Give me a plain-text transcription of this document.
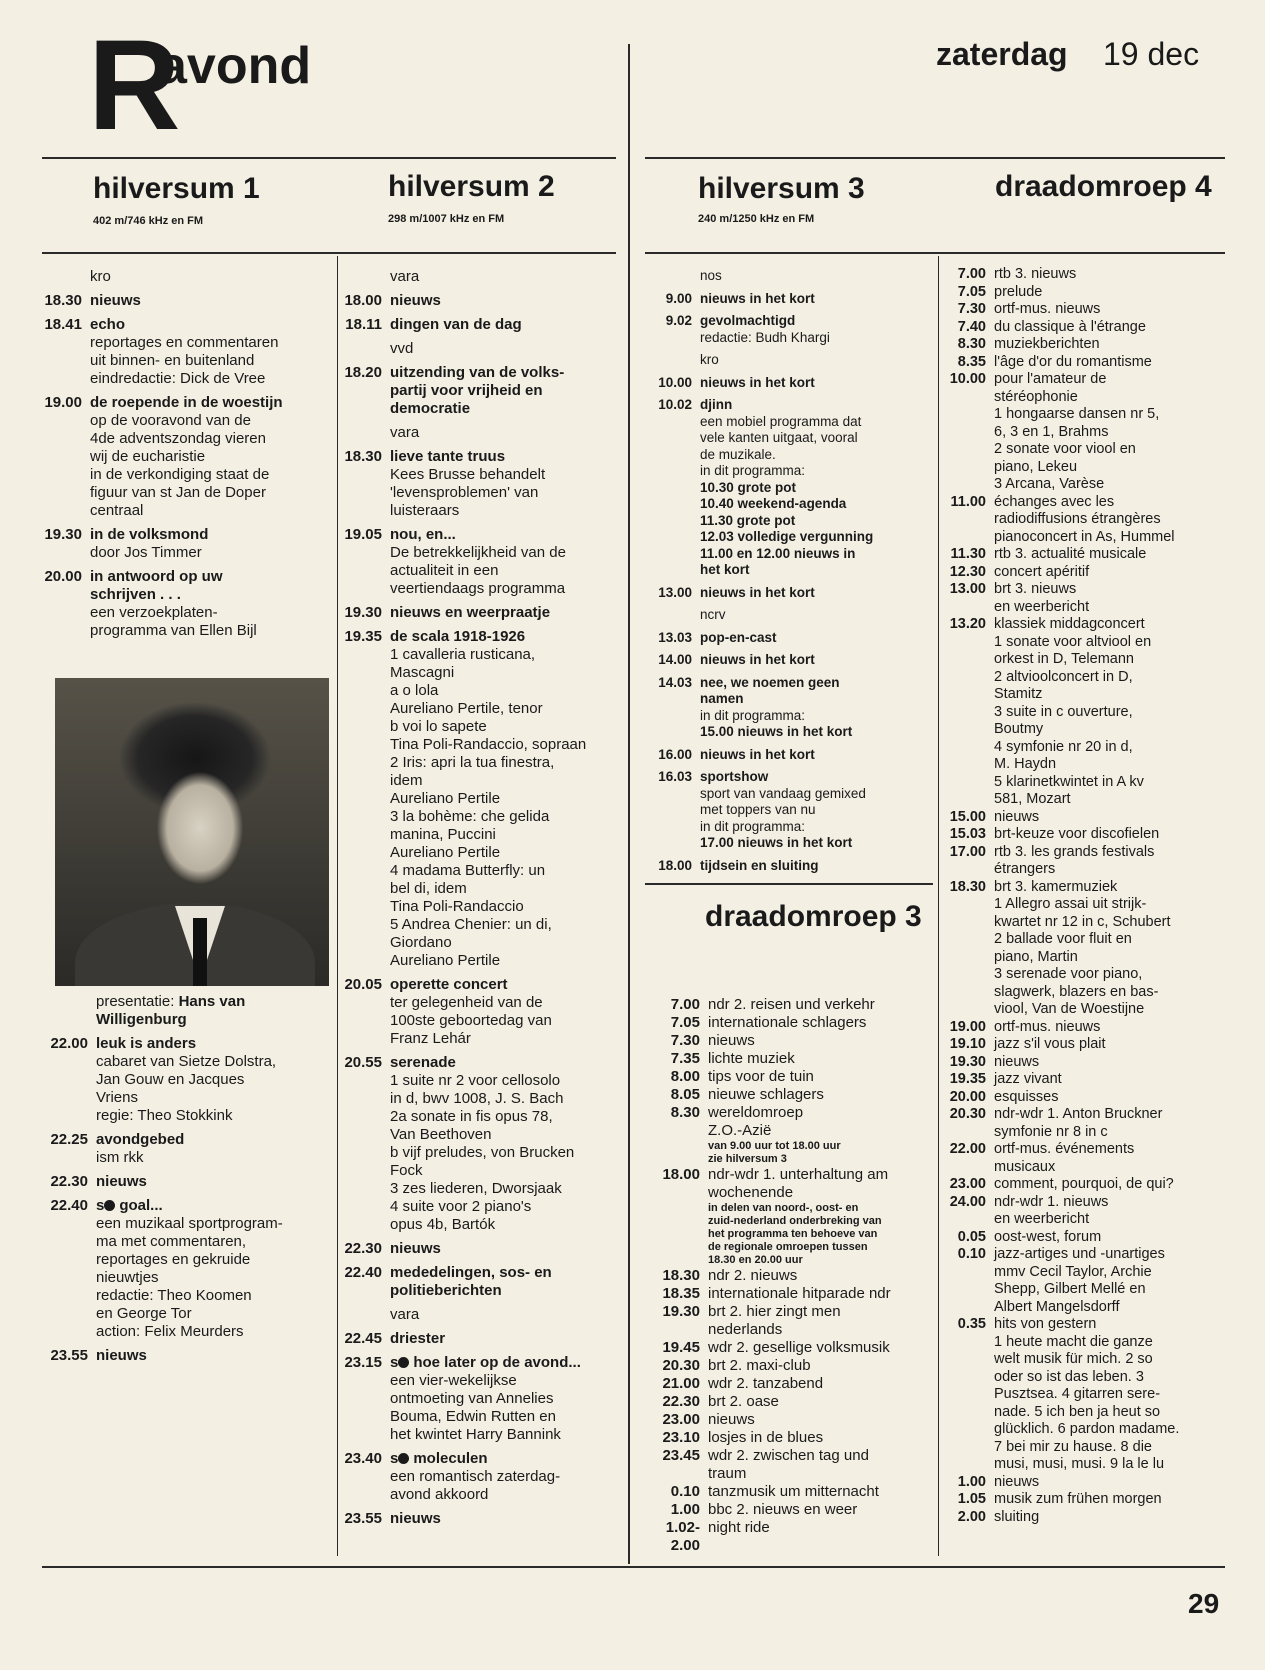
R
avond	zaterdag 19 dec
hilversum 1
402 m/746 kHz en FM
hilversum 2
298 m/1007 kHz en FM
hilversum 3
240 m/1250 kHz en FM
draadomroep 4
kro
18.30 nieuws
18.41 echo
reportages en commentaren
uit binnen- en buitenland
eindredactie: Dick de Vree
19.00 de roepende in de woestijn
op de vooravond van de
4de adventszondag vieren
wij de eucharistie
in de verkondiging staat de
figuur van st Jan de Doper
centraal
19.30 in de volksmond
door Jos Timmer
20.00 in antwoord op uw
schrijven . . .
een verzoekplaten-
programma van Ellen Bijl
presentatie: Hans van Willigenburg
22.00 leuk is anders
cabaret van Sietze Dolstra,
Jan Gouw en Jacques
Vriens
regie: Theo Stokkink
22.25 avondgebed
ism rkk
22.30 nieuws
22.40 s goal...
een muzikaal sportprogram-
ma met commentaren,
reportages en gekruide
nieuwtjes
redactie: Theo Koomen
en George Tor
action: Felix Meurders
23.55 nieuws
vara
18.00 nieuws
18.11 dingen van de dag
vvd
18.20 uitzending van de volks-
partij voor vrijheid en
democratie
vara
18.30 lieve tante truus
Kees Brusse behandelt
'levensproblemen' van
luisteraars
19.05 nou, en...
De betrekkelijkheid van de
actualiteit in een
veertiendaags programma
19.30 nieuws en weerpraatje
19.35 de scala 1918-1926
1 cavalleria rusticana,
Mascagni
a o lola
Aureliano Pertile, tenor
b voi lo sapete
Tina Poli-Randaccio, sopraan
2 Iris: apri la tua finestra,
idem
Aureliano Pertile
3 la bohème: che gelida
manina, Puccini
Aureliano Pertile
4 madama Butterfly: un
bel di, idem
Tina Poli-Randaccio
5 Andrea Chenier: un di,
Giordano
Aureliano Pertile
20.05 operette concert
ter gelegenheid van de
100ste geboortedag van
Franz Lehár
20.55 serenade
1 suite nr 2 voor cellosolo
in d, bwv 1008, J. S. Bach
2a sonate in fis opus 78,
Van Beethoven
b vijf preludes, von Brucken
Fock
3 zes liederen, Dworsjaak
4 suite voor 2 piano's
opus 4b, Bartók
22.30 nieuws
22.40 mededelingen, sos- en
politieberichten
vara
22.45 driester
23.15 s hoe later op de avond...
een vier-wekelijkse
ontmoeting van Annelies
Bouma, Edwin Rutten en
het kwintet Harry Bannink
23.40 s moleculen
een romantisch zaterdag-
avond akkoord
23.55 nieuws
nos
9.00 nieuws in het kort
9.02 gevolmachtigd
redactie: Budh Khargi
kro
10.00 nieuws in het kort
10.02 djinn
een mobiel programma dat
vele kanten uitgaat, vooral
de muzikale.
in dit programma:
10.30 grote pot
10.40 weekend-agenda
11.30 grote pot
12.03 volledige vergunning
11.00 en 12.00 nieuws in
het kort
13.00 nieuws in het kort
ncrv
13.03 pop-en-cast
14.00 nieuws in het kort
14.03 nee, we noemen geen
namen
in dit programma:
15.00 nieuws in het kort
16.00 nieuws in het kort
16.03 sportshow
sport van vandaag gemixed
met toppers van nu
in dit programma:
17.00 nieuws in het kort
18.00 tijdsein en sluiting
draadomroep 3
7.00 ndr 2. reisen und verkehr
7.05 internationale schlagers
7.30 nieuws
7.35 lichte muziek
8.00 tips voor de tuin
8.05 nieuwe schlagers
8.30 wereldomroep
Z.O.-Azië
van 9.00 uur tot 18.00 uur
zie hilversum 3
18.00 ndr-wdr 1. unterhaltung am
wochenende
in delen van noord-, oost- en
zuid-nederland onderbreking van
het programma ten behoeve van
de regionale omroepen tussen
18.30 en 20.00 uur
18.30 ndr 2. nieuws
18.35 internationale hitparade ndr
19.30 brt 2. hier zingt men
nederlands
19.45 wdr 2. gesellige volksmusik
20.30 brt 2. maxi-club
21.00 wdr 2. tanzabend
22.30 brt 2. oase
23.00 nieuws
23.10 losjes in de blues
23.45 wdr 2. zwischen tag und
traum
0.10 tanzmusik um mitternacht
1.00 bbc 2. nieuws en weer
1.02- 2.00
night ride
7.00 rtb 3. nieuws
7.05 prelude
7.30 ortf-mus. nieuws
7.40 du classique à l'étrange
8.30 muziekberichten
8.35 l'âge d'or du romantisme
10.00 pour l'amateur de
stéréophonie
1 hongaarse dansen nr 5,
6, 3 en 1, Brahms
2 sonate voor viool en
piano, Lekeu
3 Arcana, Varèse
11.00 échanges avec les
radiodiffusions étrangères
pianoconcert in As, Hummel
11.30 rtb 3. actualité musicale
12.30 concert apéritif
13.00 brt 3. nieuws
en weerbericht
13.20 klassiek middagconcert
1 sonate voor altviool en
orkest in D, Telemann
2 altvioolconcert in D,
Stamitz
3 suite in c ouverture,
Boutmy
4 symfonie nr 20 in d,
M. Haydn
5 klarinetkwintet in A kv
581, Mozart
15.00 nieuws
15.03 brt-keuze voor discofielen
17.00 rtb 3. les grands festivals
étrangers
18.30 brt 3. kamermuziek
1 Allegro assai uit strijk-
kwartet nr 12 in c, Schubert
2 ballade voor fluit en
piano, Martin
3 serenade voor piano,
slagwerk, blazers en bas-
viool, Van de Woestijne
19.00 ortf-mus. nieuws
19.10 jazz s'il vous plait
19.30 nieuws
19.35 jazz vivant
20.00 esquisses
20.30 ndr-wdr 1. Anton Bruckner
symfonie nr 8 in c
22.00 ortf-mus. événements
musicaux
23.00 comment, pourquoi, de qui?
24.00 ndr-wdr 1. nieuws
en weerbericht
0.05 oost-west, forum
0.10 jazz-artiges und -unartiges
mmv Cecil Taylor, Archie
Shepp, Gilbert Mellé en
Albert Mangelsdorff
0.35 hits von gestern
1 heute macht die ganze
welt musik für mich. 2 so
oder so ist das leben. 3
Pusztsea. 4 gitarren sere-
nade. 5 ich ben ja heut so
glücklich. 6 pardon madame.
7 bei mir zu hause. 8 die
musi, musi, musi. 9 la le lu
1.00 nieuws
1.05 musik zum frühen morgen
2.00 sluiting
29
